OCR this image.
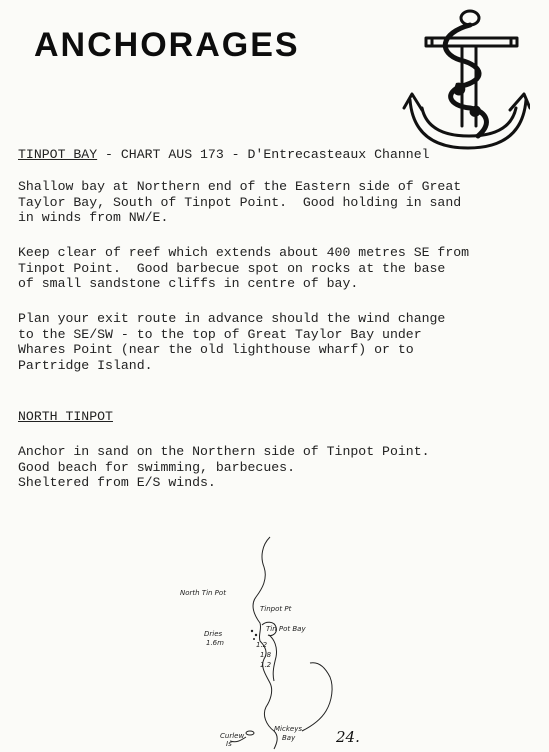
ANCHORAGES
TINPOT BAY - CHART AUS 173 - D'Entrecasteaux Channel

Shallow bay at Northern end of the Eastern side of Great
Taylor Bay, South of Tinpot Point.  Good holding in sand
in winds from NW/E.

Keep clear of reef which extends about 400 metres SE from
Tinpot Point.  Good barbecue spot on rocks at the base
of small sandstone cliffs in centre of bay.

Plan your exit route in advance should the wind change
to the SE/SW - to the top of Great Taylor Bay under
Whares Point (near the old lighthouse wharf) or to
Partridge Island.

NORTH TINPOT

Anchor in sand on the Northern side of Tinpot Point.
Good beach for swimming, barbecues.
Sheltered from E/S winds.

North Tin Pot
Tinpot Pt
Tin Pot Bay
Dries
1.6m	1.2
1.8
1.2
Curlew
Is
Mickeys
Bay	24.
